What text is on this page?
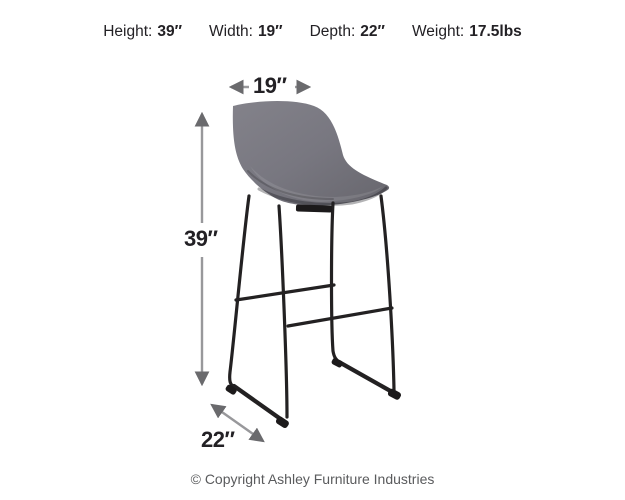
Height: 39″ Width: 19″ Depth: 22″ Weight: 17.5lbs
19″
39″
22″
© Copyright Ashley Furniture Industries
